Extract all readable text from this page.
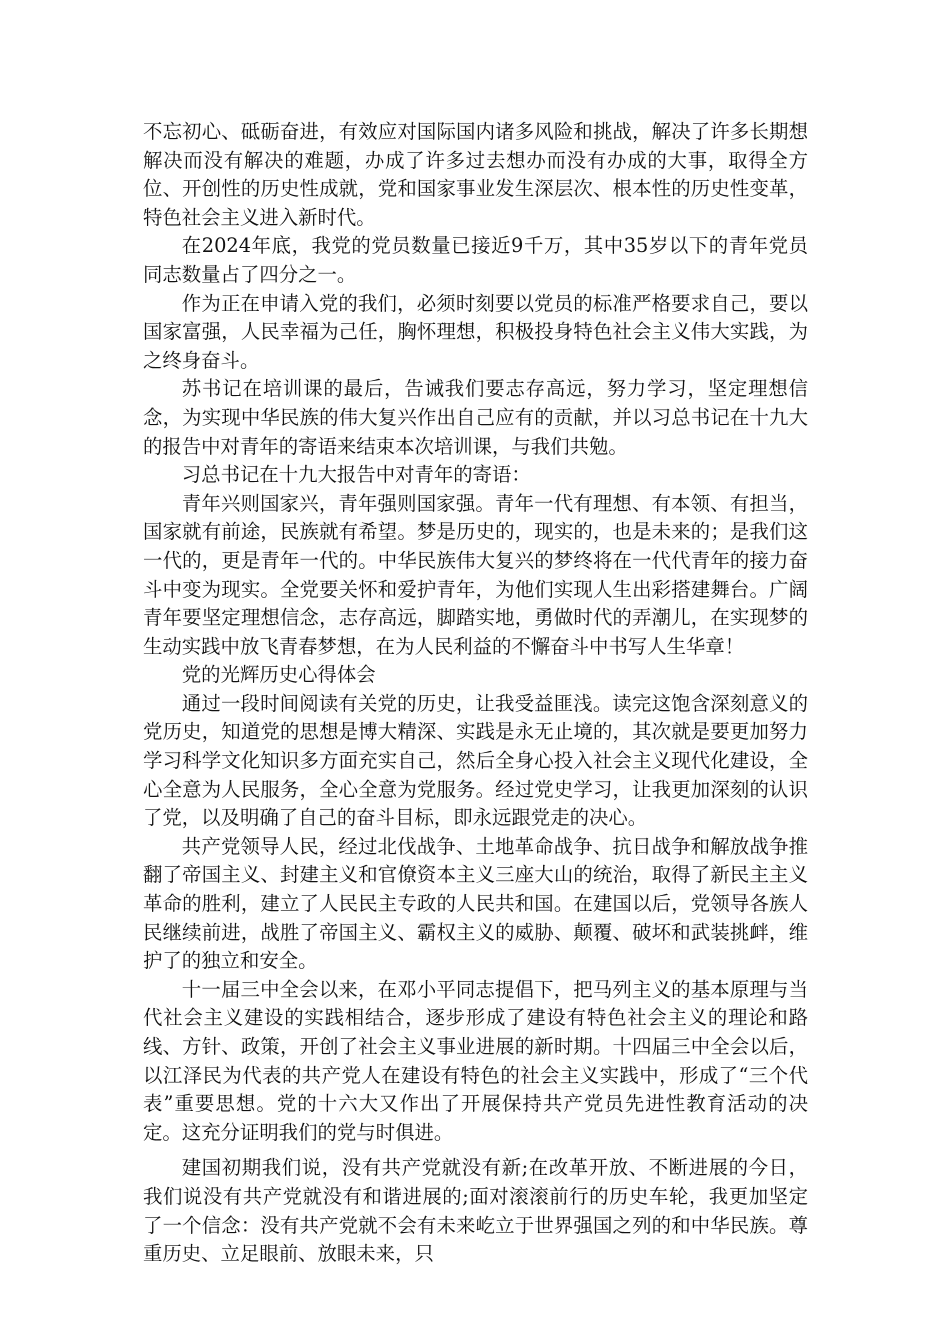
不忘初心、砥砺奋进，有效应对国际国内诸多风险和挑战，解决了许多长期想解决而没有解决的难题，办成了许多过去想办而没有办成的大事，取得全方位、开创性的历史性成就，党和国家事业发生深层次、根本性的历史性变革，特色社会主义进入新时代。

在2024年底，我党的党员数量已接近9千万，其中35岁以下的青年党员同志数量占了四分之一。

作为正在申请入党的我们，必须时刻要以党员的标准严格要求自己，要以国家富强，人民幸福为己任，胸怀理想，积极投身特色社会主义伟大实践，为之终身奋斗。

苏书记在培训课的最后，告诫我们要志存高远，努力学习，坚定理想信念，为实现中华民族的伟大复兴作出自己应有的贡献，并以习总书记在十九大的报告中对青年的寄语来结束本次培训课，与我们共勉。

习总书记在十九大报告中对青年的寄语：

青年兴则国家兴，青年强则国家强。青年一代有理想、有本领、有担当，国家就有前途，民族就有希望。梦是历史的，现实的，也是未来的；是我们这一代的，更是青年一代的。中华民族伟大复兴的梦终将在一代代青年的接力奋斗中变为现实。全党要关怀和爱护青年，为他们实现人生出彩搭建舞台。广阔青年要坚定理想信念，志存高远，脚踏实地，勇做时代的弄潮儿，在实现梦的生动实践中放飞青春梦想，在为人民利益的不懈奋斗中书写人生华章！

党的光辉历史心得体会

通过一段时间阅读有关党的历史，让我受益匪浅。读完这饱含深刻意义的党历史，知道党的思想是博大精深、实践是永无止境的，其次就是要更加努力学习科学文化知识多方面充实自己，然后全身心投入社会主义现代化建设，全心全意为人民服务，全心全意为党服务。经过党史学习，让我更加深刻的认识了党，以及明确了自己的奋斗目标，即永远跟党走的决心。

共产党领导人民，经过北伐战争、土地革命战争、抗日战争和解放战争推翻了帝国主义、封建主义和官僚资本主义三座大山的统治，取得了新民主主义革命的胜利，建立了人民民主专政的人民共和国。在建国以后，党领导各族人民继续前进，战胜了帝国主义、霸权主义的威胁、颠覆、破坏和武装挑衅，维护了的独立和安全。

十一届三中全会以来，在邓小平同志提倡下，把马列主义的基本原理与当代社会主义建设的实践相结合，逐步形成了建设有特色社会主义的理论和路线、方针、政策，开创了社会主义事业进展的新时期。十四届三中全会以后，以江泽民为代表的共产党人在建设有特色的社会主义实践中，形成了“三个代表”重要思想。党的十六大又作出了开展保持共产党员先进性教育活动的决定。这充分证明我们的党与时俱进。

建国初期我们说，没有共产党就没有新;在改革开放、不断进展的今日，我们说没有共产党就没有和谐进展的;面对滚滚前行的历史车轮，我更加坚定了一个信念：没有共产党就不会有未来屹立于世界强国之列的和中华民族。尊重历史、立足眼前、放眼未来，只
